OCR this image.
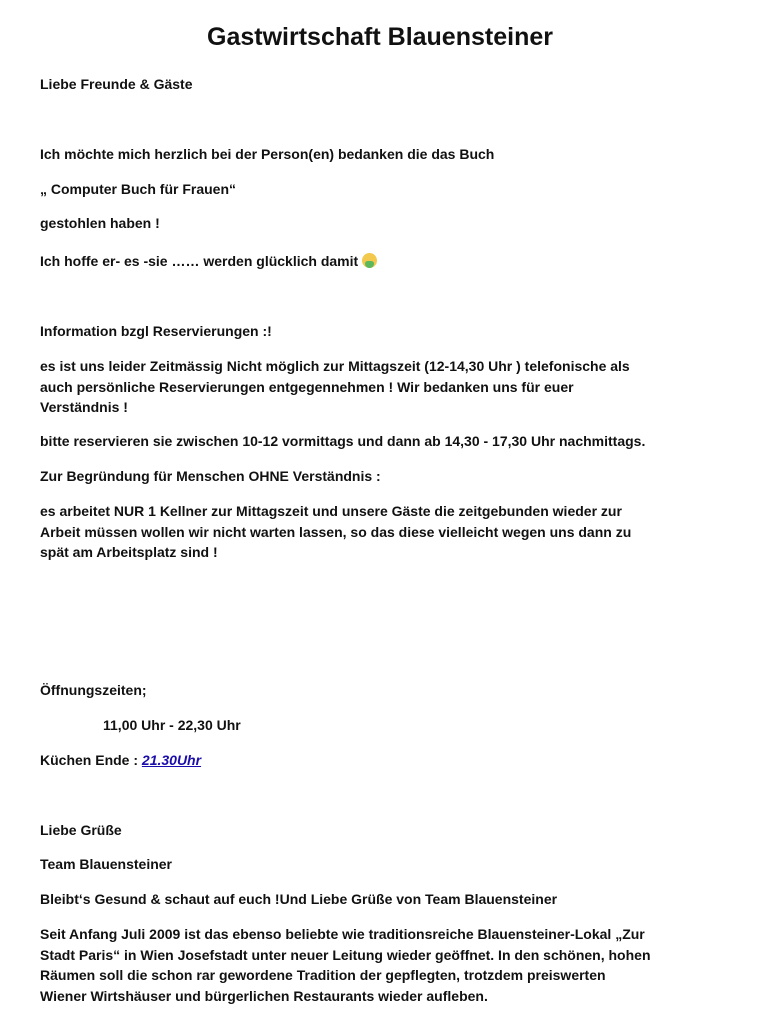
Gastwirtschaft Blauensteiner
Liebe Freunde & Gäste
Ich möchte mich herzlich bei der Person(en) bedanken die das Buch
„ Computer Buch für Frauen“
gestohlen haben !
Ich hoffe er- es -sie …… werden glücklich damit
Information bzgl Reservierungen :!
es ist uns leider Zeitmässig Nicht möglich zur Mittagszeit (12-14,30 Uhr ) telefonische als
auch persönliche Reservierungen entgegennehmen ! Wir bedanken uns für euer
Verständnis !
bitte reservieren sie zwischen 10-12 vormittags und dann ab 14,30 - 17,30 Uhr nachmittags.
Zur Begründung für Menschen OHNE Verständnis :
es arbeitet NUR 1 Kellner zur Mittagszeit und unsere Gäste die zeitgebunden wieder zur
Arbeit müssen wollen wir nicht warten lassen, so das diese vielleicht wegen uns dann zu
spät am Arbeitsplatz sind !
Öffnungszeiten;
11,00 Uhr - 22,30 Uhr
Küchen Ende : 21.30Uhr
Liebe Grüße
Team Blauensteiner
Bleibt‘s Gesund & schaut auf euch !Und Liebe Grüße von Team Blauensteiner
Seit Anfang Juli 2009 ist das ebenso beliebte wie traditionsreiche Blauensteiner-Lokal „Zur
Stadt Paris“ in Wien Josefstadt unter neuer Leitung wieder geöffnet. In den schönen, hohen
Räumen soll die schon rar gewordene Tradition der gepflegten, trotzdem preiswerten
Wiener Wirtshäuser und bürgerlichen Restaurants wieder aufleben.
